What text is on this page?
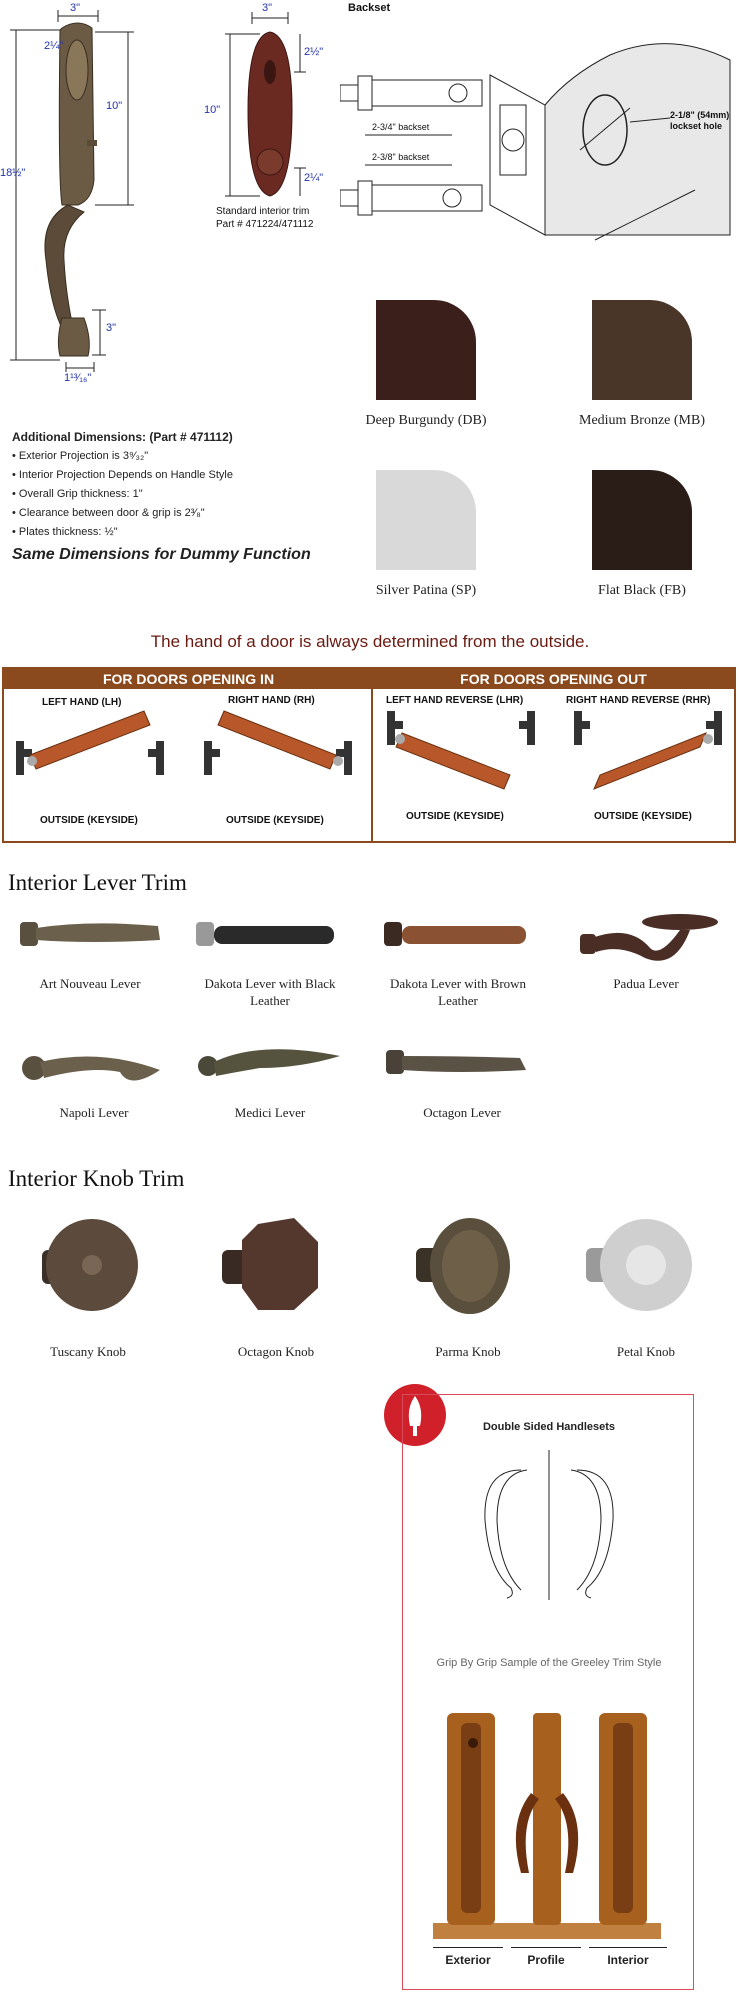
3"
2¼"
10"
18½"
3"
1¹³⁄₁₆"
3"
10"
2½"
2¼"
Standard interior trim
Part # 471224/471112
Backset
2-3/4" backset
2-3/8" backset
2-1/8" (54mm)
lockset hole
Deep Burgundy (DB)	Medium Bronze (MB)
Silver Patina (SP)	Flat Black (FB)
Additional Dimensions: (Part # 471112)
• Exterior Projection is 3⁹⁄₃₂"
• Interior Projection Depends on Handle Style
• Overall Grip thickness: 1"
• Clearance between door & grip is 2³⁄₈"
• Plates thickness: ½"
Same Dimensions for Dummy Function
The hand of a door is always determined from the outside.
FOR DOORS OPENING IN	FOR DOORS OPENING OUT
LEFT HAND (LH)	RIGHT HAND (RH)	LEFT HAND REVERSE (LHR)	RIGHT HAND REVERSE (RHR)
OUTSIDE (KEYSIDE)	OUTSIDE (KEYSIDE)	OUTSIDE (KEYSIDE)	OUTSIDE (KEYSIDE)
Interior Lever Trim
Art Nouveau Lever	Dakota Lever with Black Leather
Dakota Lever with Brown Leather
Padua Lever
Napoli Lever	Medici Lever	Octagon Lever
Interior Knob Trim
Tuscany Knob	Octagon Knob	Parma Knob	Petal Knob
Double Sided Handlesets
Grip By Grip Sample of the Greeley Trim Style
Exterior	Profile	Interior
